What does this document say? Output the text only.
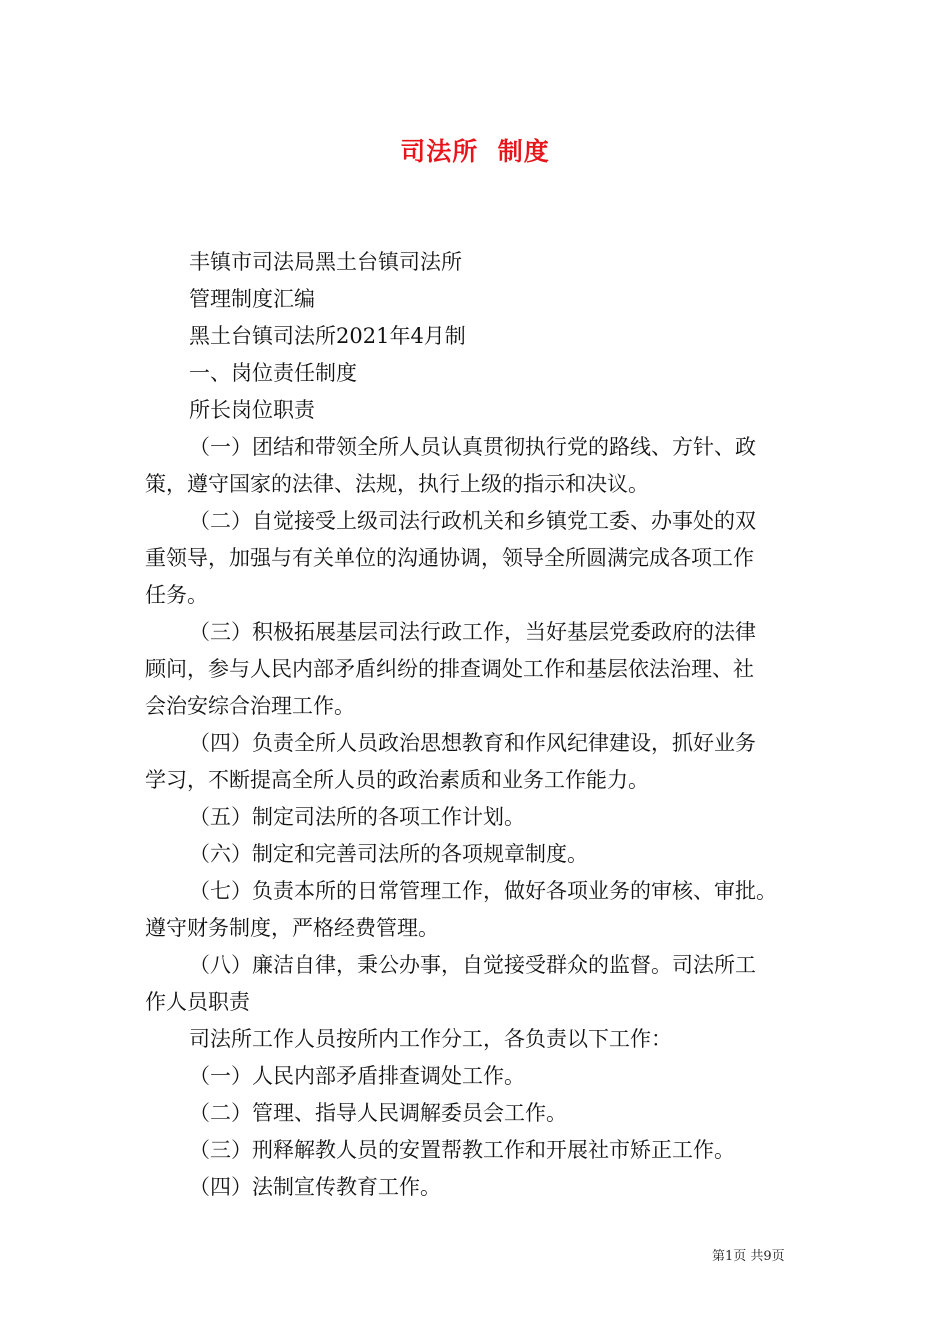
司法所  制度
丰镇市司法局黑土台镇司法所
管理制度汇编
黑土台镇司法所2021年4月制
一、岗位责任制度
所长岗位职责
（一）团结和带领全所人员认真贯彻执行党的路线、方针、政
策，遵守国家的法律、法规，执行上级的指示和决议。
（二）自觉接受上级司法行政机关和乡镇党工委、办事处的双
重领导，加强与有关单位的沟通协调，领导全所圆满完成各项工作
任务。
（三）积极拓展基层司法行政工作，当好基层党委政府的法律
顾问，参与人民内部矛盾纠纷的排查调处工作和基层依法治理、社
会治安综合治理工作。
（四）负责全所人员政治思想教育和作风纪律建设，抓好业务
学习，不断提高全所人员的政治素质和业务工作能力。
（五）制定司法所的各项工作计划。
（六）制定和完善司法所的各项规章制度。
（七）负责本所的日常管理工作，做好各项业务的审核、审批。
遵守财务制度，严格经费管理。
（八）廉洁自律，秉公办事，自觉接受群众的监督。司法所工
作人员职责
司法所工作人员按所内工作分工，各负责以下工作：
（一）人民内部矛盾排查调处工作。
（二）管理、指导人民调解委员会工作。
（三）刑释解教人员的安置帮教工作和开展社市矫正工作。
（四）法制宣传教育工作。
第1页 共9页
